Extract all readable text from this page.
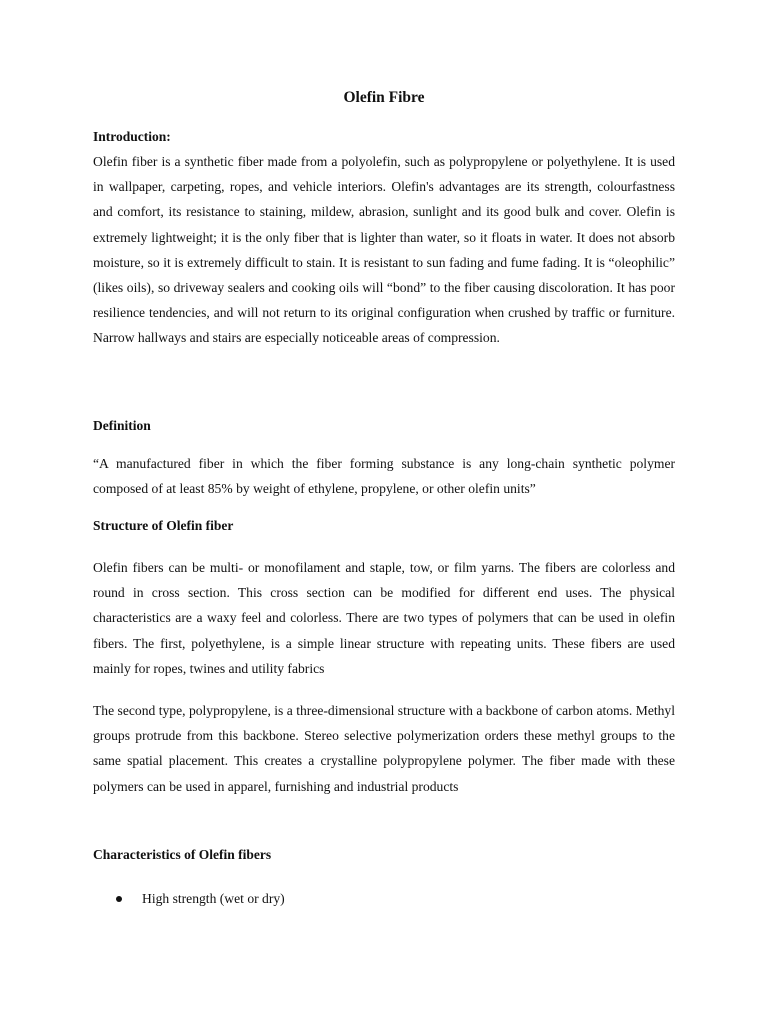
Olefin Fibre
Introduction:

Olefin fiber is a synthetic fiber made from a polyolefin, such as polypropylene or polyethylene. It is used in wallpaper, carpeting, ropes, and vehicle interiors. Olefin's advantages are its strength, colourfastness and comfort, its resistance to staining, mildew, abrasion, sunlight and its good bulk and cover. Olefin is extremely lightweight; it is the only fiber that is lighter than water, so it floats in water. It does not absorb moisture, so it is extremely difficult to stain. It is resistant to sun fading and fume fading. It is “oleophilic” (likes oils), so driveway sealers and cooking oils will “bond” to the fiber causing discoloration. It has poor resilience tendencies, and will not return to its original configuration when crushed by traffic or furniture. Narrow hallways and stairs are especially noticeable areas of compression.

Definition

“A manufactured fiber in which the fiber forming substance is any long-chain synthetic polymer composed of at least 85% by weight of ethylene, propylene, or other olefin units”

Structure of Olefin fiber

Olefin fibers can be multi- or monofilament and staple, tow, or film yarns. The fibers are colorless and round in cross section. This cross section can be modified for different end uses. The physical characteristics are a waxy feel and colorless. There are two types of polymers that can be used in olefin fibers. The first, polyethylene, is a simple linear structure with repeating units. These fibers are used mainly for ropes, twines and utility fabrics

The second type, polypropylene, is a three-dimensional structure with a backbone of carbon atoms. Methyl groups protrude from this backbone. Stereo selective polymerization orders these methyl groups to the same spatial placement. This creates a crystalline polypropylene polymer. The fiber made with these polymers can be used in apparel, furnishing and industrial products

Characteristics of Olefin fibers
High strength (wet or dry)
